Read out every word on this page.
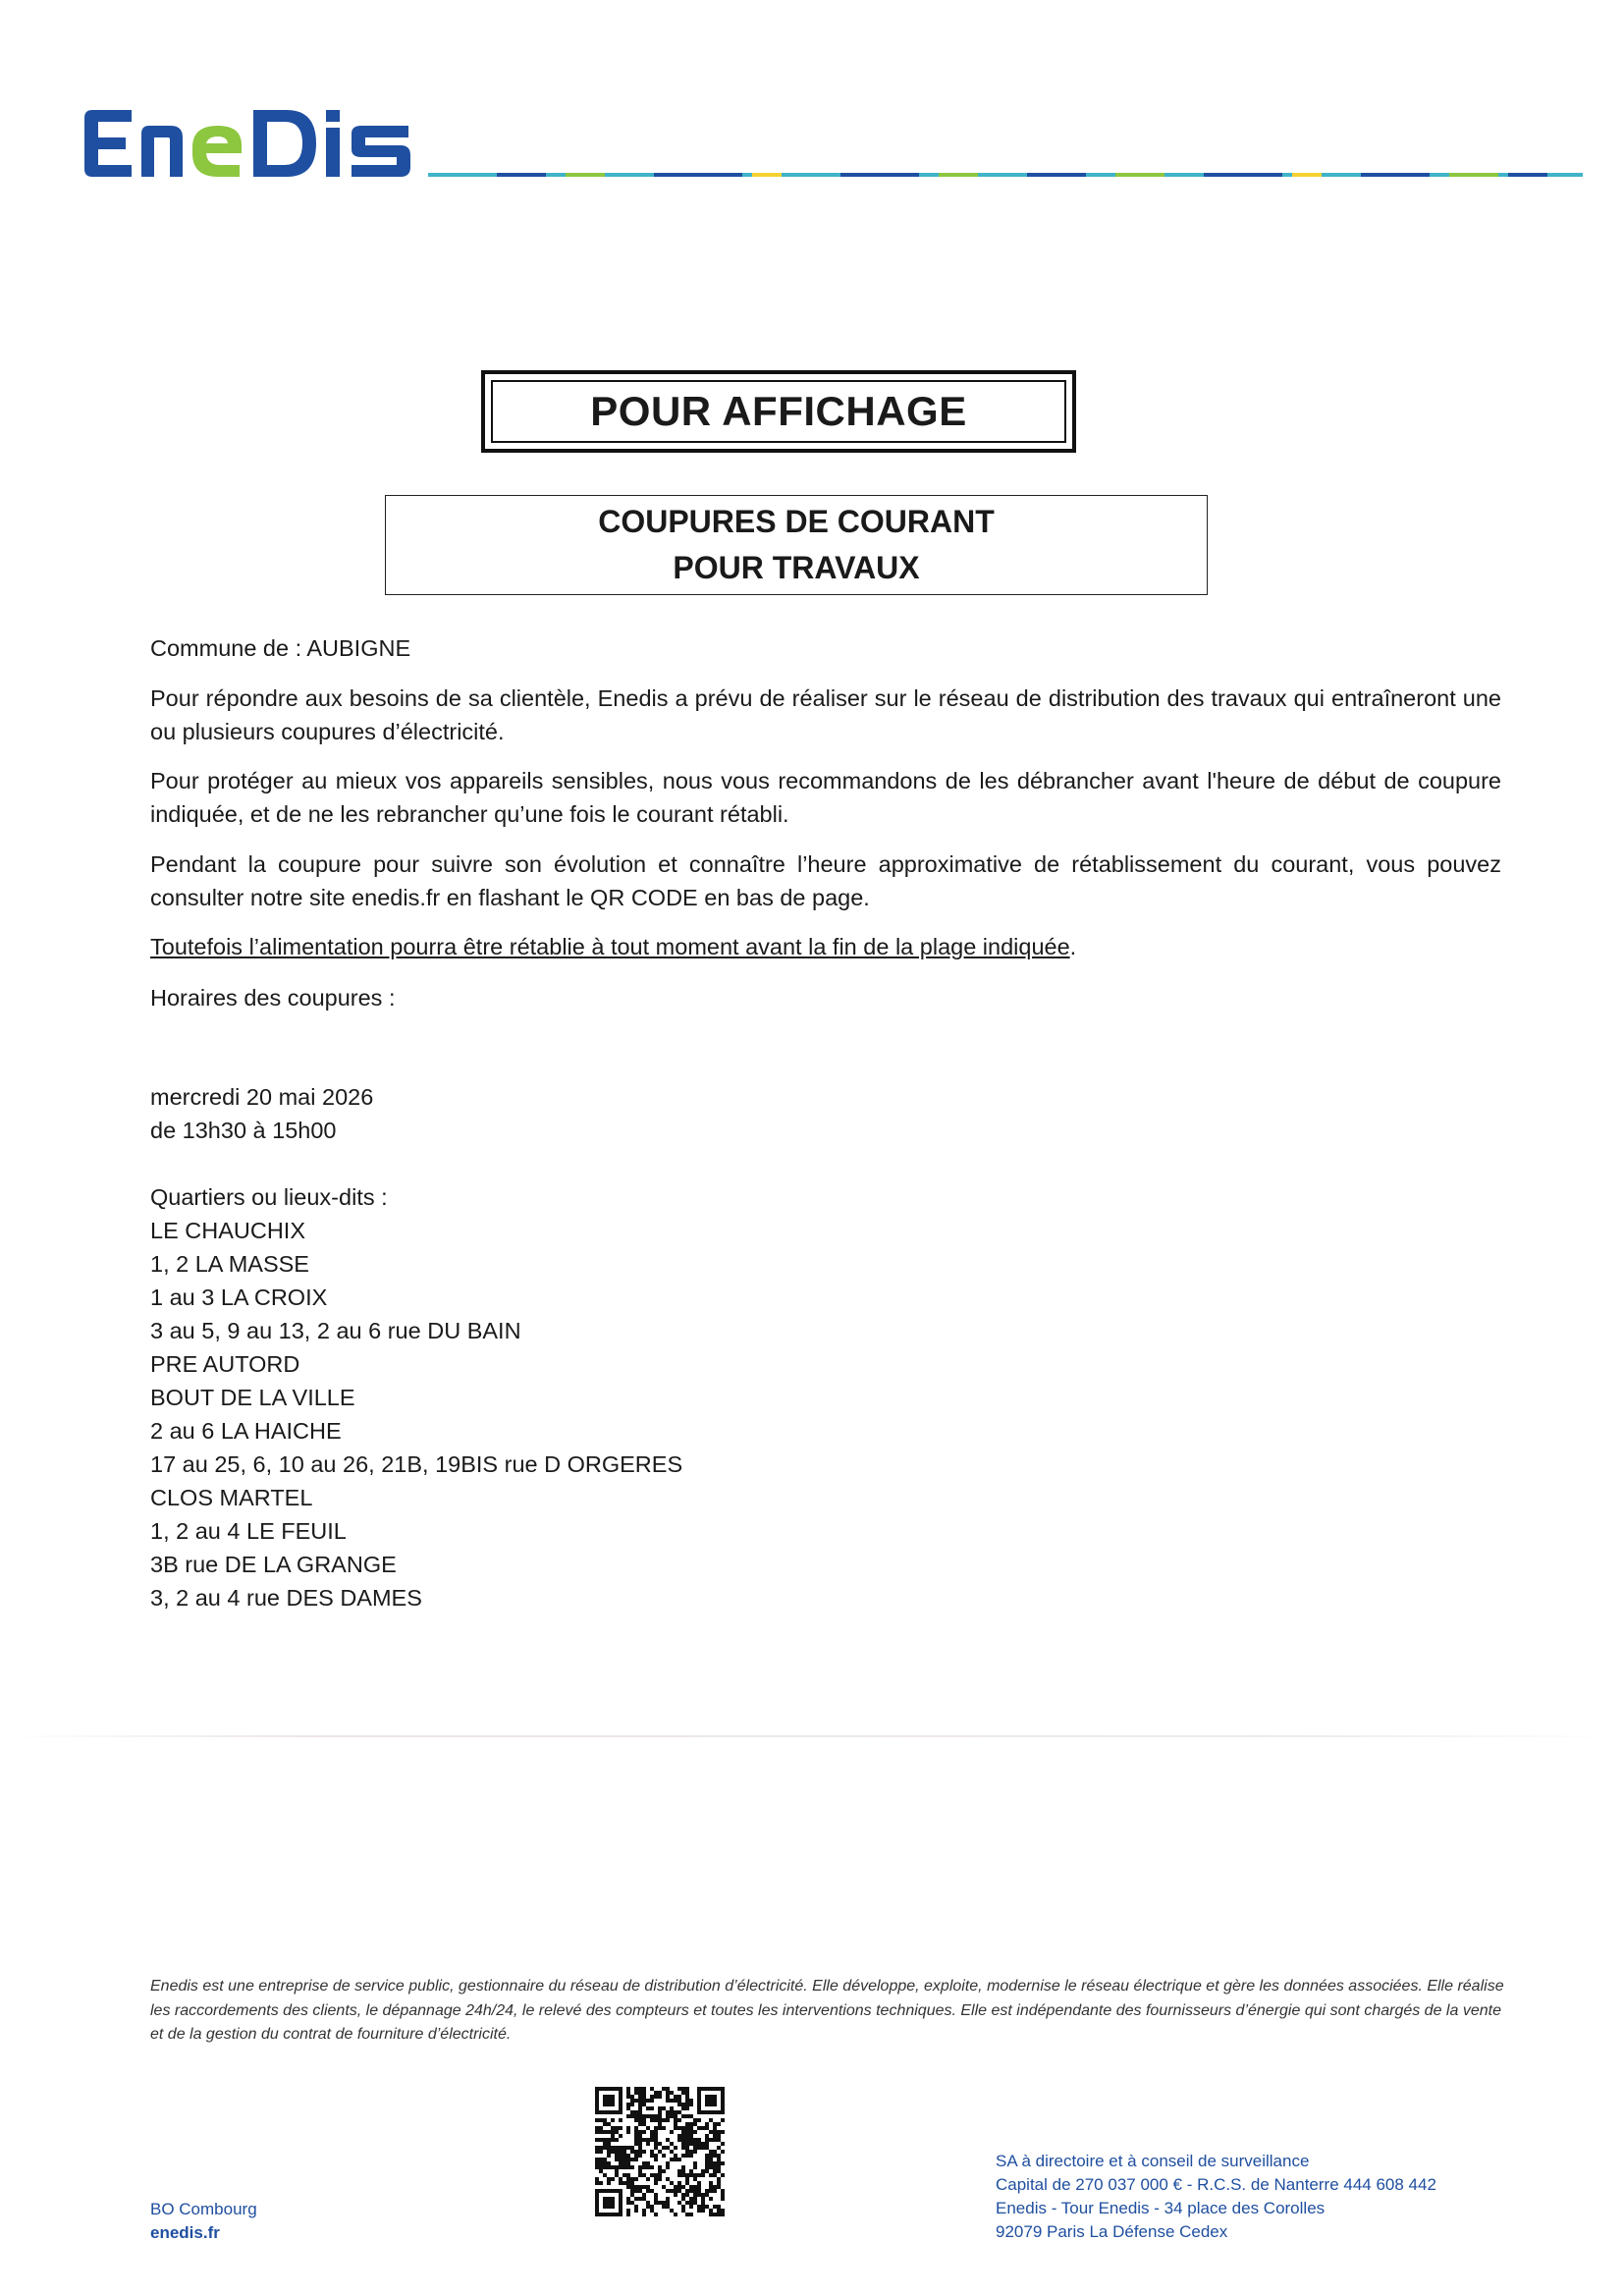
POUR AFFICHAGE
COUPURES DE COURANT
POUR TRAVAUX
Commune de : AUBIGNE
Pour répondre aux besoins de sa clientèle, Enedis a prévu de réaliser sur le réseau de distribution des travaux qui entraîneront une ou plusieurs coupures d’électricité.
Pour protéger au mieux vos appareils sensibles, nous vous recommandons de les débrancher avant l'heure de début de coupure indiquée, et de ne les rebrancher qu’une fois le courant rétabli.
Pendant la coupure pour suivre son évolution et connaître l’heure approximative de rétablissement du courant, vous pouvez consulter notre site enedis.fr en flashant le QR CODE en bas de page.
Toutefois l’alimentation pourra être rétablie à tout moment avant la fin de la plage indiquée.
Horaires des coupures :
mercredi 20 mai 2026
de 13h30 à 15h00
Quartiers ou lieux-dits :
LE CHAUCHIX
1, 2 LA MASSE
1 au 3 LA CROIX
3 au 5, 9 au 13, 2 au 6 rue DU BAIN
PRE AUTORD
BOUT DE LA VILLE
2 au 6 LA HAICHE
17 au 25, 6, 10 au 26, 21B, 19BIS rue D ORGERES
CLOS MARTEL
1, 2 au 4 LE FEUIL
3B rue DE LA GRANGE
3, 2 au 4 rue DES DAMES
Enedis est une entreprise de service public, gestionnaire du réseau de distribution d’électricité. Elle développe, exploite, modernise le réseau électrique et gère les données associées. Elle réalise les raccordements des clients, le dépannage 24h/24, le relevé des compteurs et toutes les interventions techniques. Elle est indépendante des fournisseurs d’énergie qui sont chargés de la vente et de la gestion du contrat de fourniture d’électricité.
BO Combourg
enedis.fr
SA à directoire et à conseil de surveillance
Capital de 270 037 000 € - R.C.S. de Nanterre 444 608 442
Enedis - Tour Enedis - 34 place des Corolles
92079 Paris La Défense Cedex
